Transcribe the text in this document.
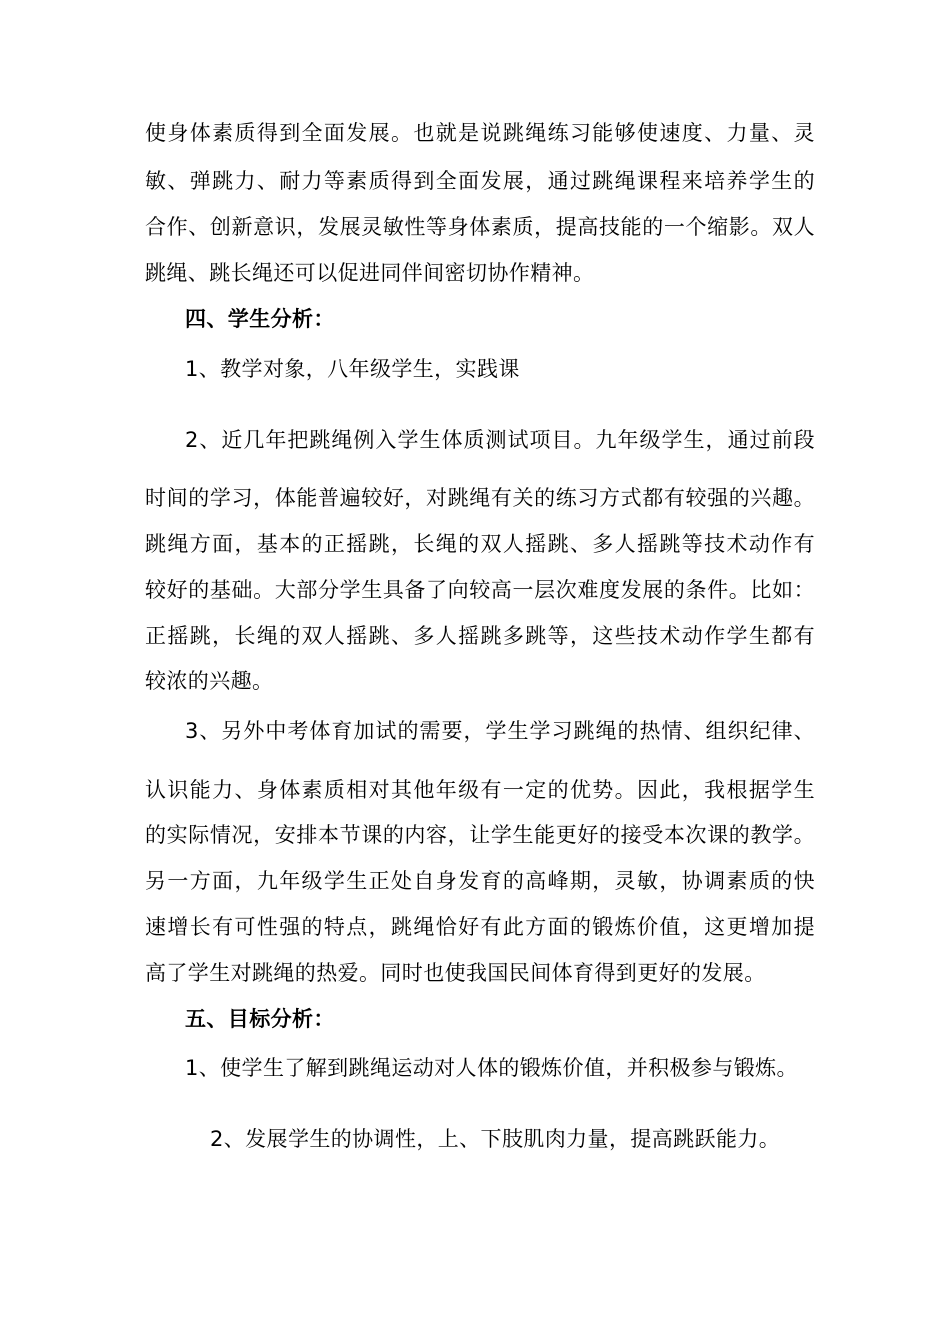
使身体素质得到全面发展。也就是说跳绳练习能够使速度、力量、灵
敏、弹跳力、耐力等素质得到全面发展，通过跳绳课程来培养学生的
合作、创新意识，发展灵敏性等身体素质，提高技能的一个缩影。双人
跳绳、跳长绳还可以促进同伴间密切协作精神。
四、学生分析：
1、教学对象，八年级学生，实践课
2、近几年把跳绳例入学生体质测试项目。九年级学生，通过前段
时间的学习，体能普遍较好，对跳绳有关的练习方式都有较强的兴趣。
跳绳方面，基本的正摇跳，长绳的双人摇跳、多人摇跳等技术动作有
较好的基础。大部分学生具备了向较高一层次难度发展的条件。比如：
正摇跳，长绳的双人摇跳、多人摇跳多跳等，这些技术动作学生都有
较浓的兴趣。
3、另外中考体育加试的需要，学生学习跳绳的热情、组织纪律、
认识能力、身体素质相对其他年级有一定的优势。因此，我根据学生
的实际情况，安排本节课的内容，让学生能更好的接受本次课的教学。
另一方面，九年级学生正处自身发育的高峰期，灵敏，协调素质的快
速增长有可性强的特点，跳绳恰好有此方面的锻炼价值，这更增加提
高了学生对跳绳的热爱。同时也使我国民间体育得到更好的发展。
五、目标分析：
1、使学生了解到跳绳运动对人体的锻炼价值，并积极参与锻炼。
2、发展学生的协调性，上、下肢肌肉力量，提高跳跃能力。
